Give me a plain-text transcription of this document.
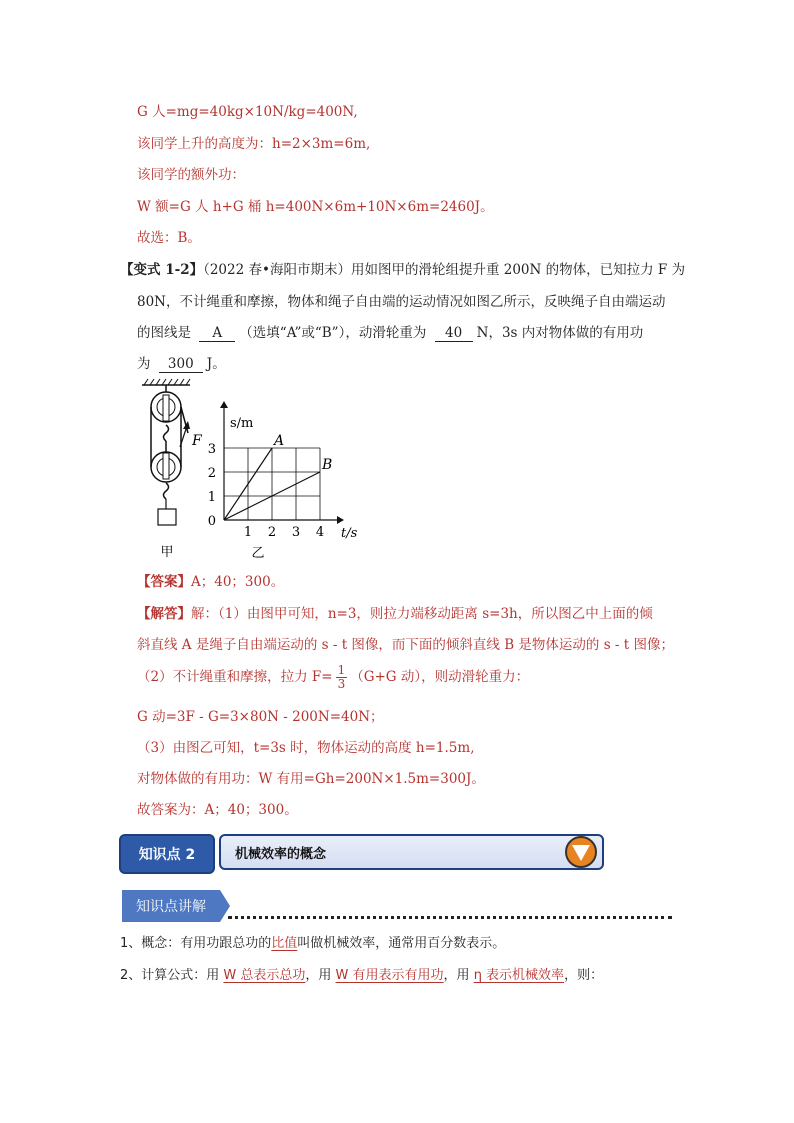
G 人=mg=40kg×10N/kg=400N,
该同学上升的高度为：h=2×3m=6m,
该同学的额外功：
W 额=G 人 h+G 桶 h=400N×6m+10N×6m=2460J。
故选：B。
【变式 1-2】（2022 春•海阳市期末）用如图甲的滑轮组提升重 200N 的物体，已知拉力 F 为
80N，不计绳重和摩擦，物体和绳子自由端的运动情况如图乙所示，反映绳子自由端运动
的图线是 A （选填“A”或“B”），动滑轮重为 40 N，3s 内对物体做的有用功
为 300 J。
F
甲
s/m
t/s
乙
1 2 3 4
0
1
2
3
A
B
【答案】A；40；300。
【解答】解：（1）由图甲可知，n=3，则拉力端移动距离 s=3h，所以图乙中上面的倾
斜直线 A 是绳子自由端运动的 s - t 图像，而下面的倾斜直线 B 是物体运动的 s - t 图像；
（2）不计绳重和摩擦，拉力 $F= \frac{1}{3} (G+G$ 动），则动滑轮重力：
G 动=3F - G=3×80N - 200N=40N；
（3）由图乙可知，t=3s 时，物体运动的高度 h=1.5m,
对物体做的有用功：W 有用=Gh=200N×1.5m=300J。
故答案为：A；40；300。
知识点 2	机械效率的概念
知识点讲解
1、概念：有用功跟总功的比值叫做机械效率，通常用百分数表示。
2、计算公式：用 W 总表示总功，用 W 有用表示有用功，用 η 表示机械效率，则：
